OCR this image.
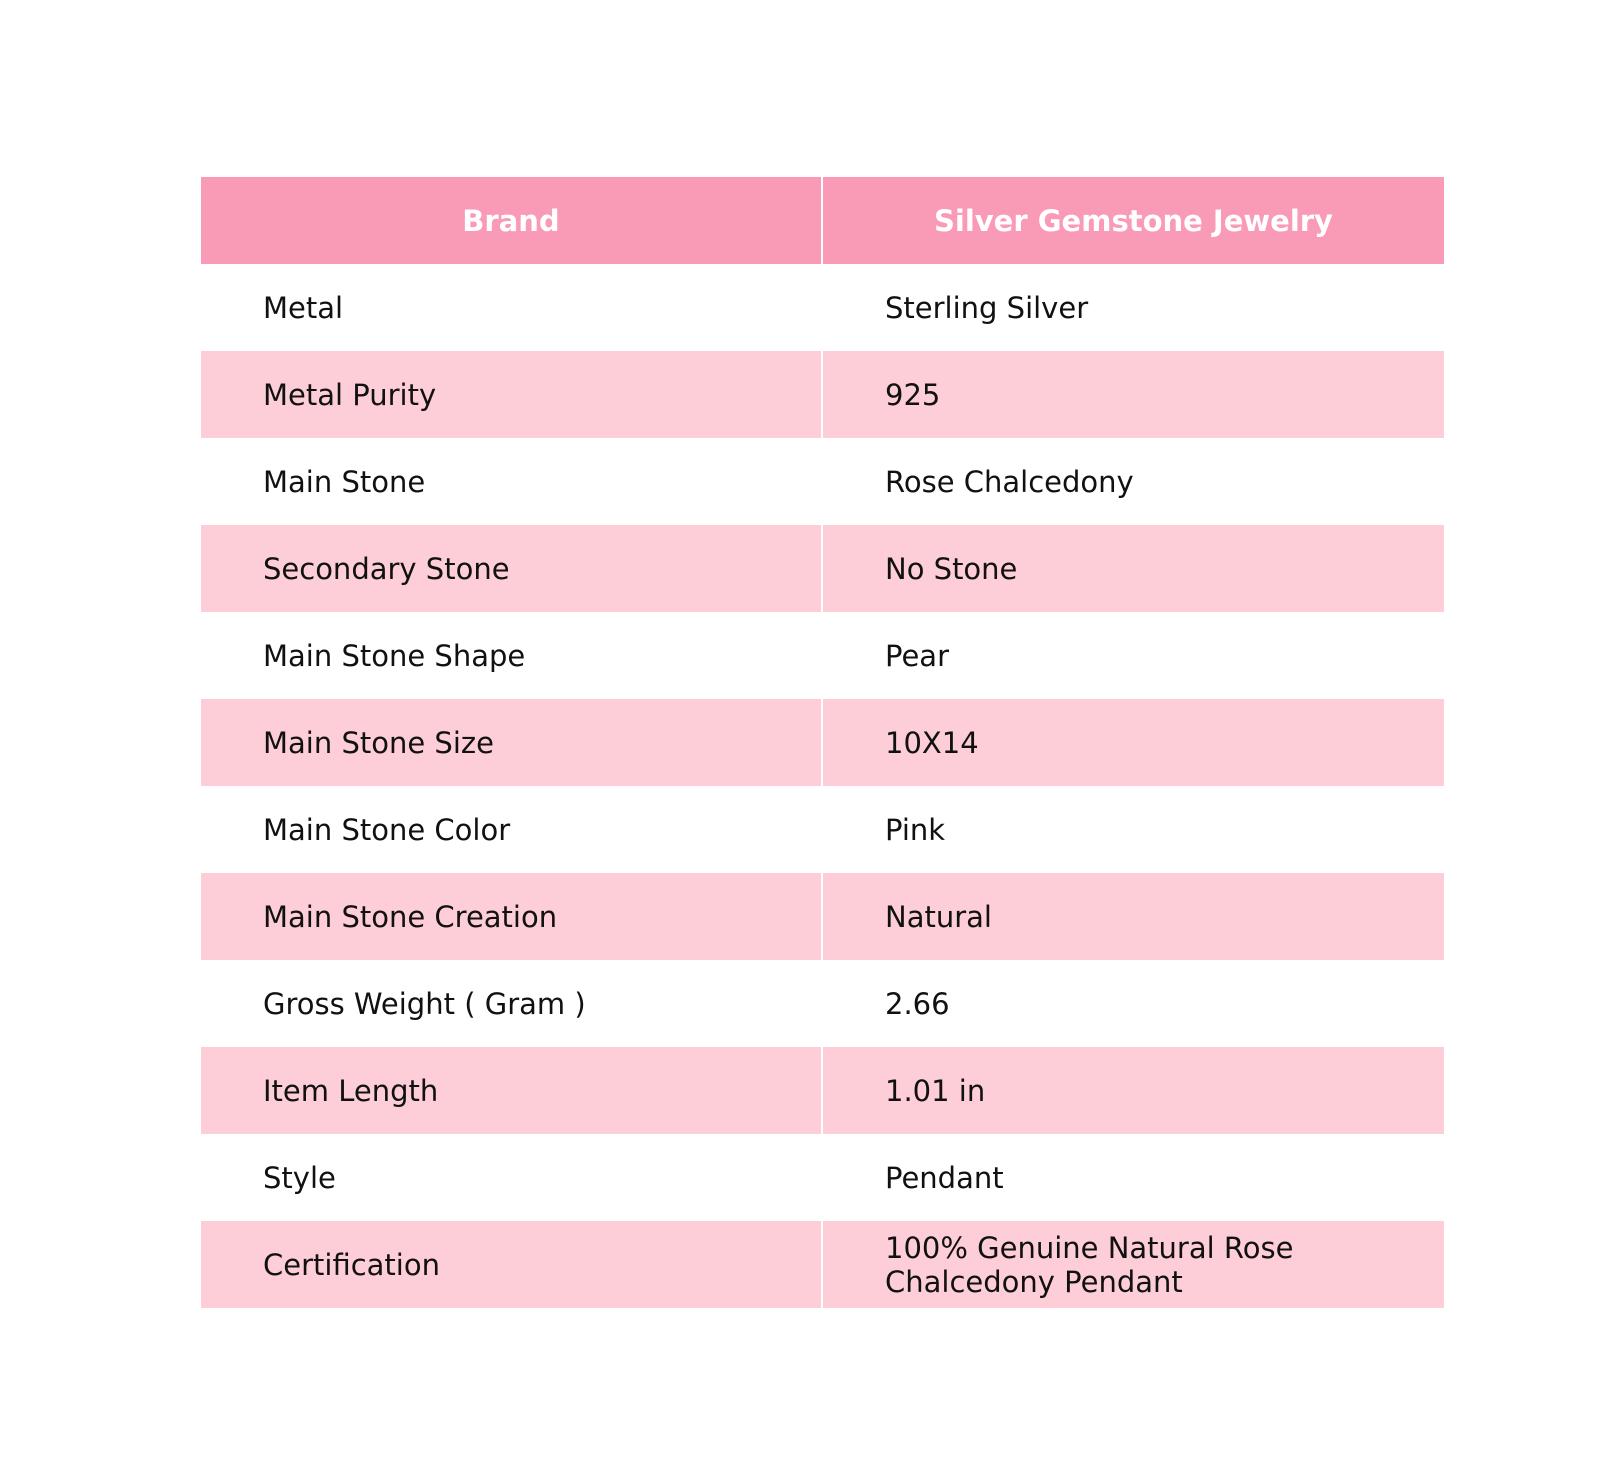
Brand	Silver Gemstone Jewelry
Metal	Sterling Silver
Metal Purity	925
Main Stone	Rose Chalcedony
Secondary Stone	No Stone
Main Stone Shape	Pear
Main Stone Size	10X14
Main Stone Color	Pink
Main Stone Creation	Natural
Gross Weight ( Gram )	2.66
Item Length	1.01 in
Style	Pendant
Certification	100% Genuine Natural Rose
Chalcedony Pendant
